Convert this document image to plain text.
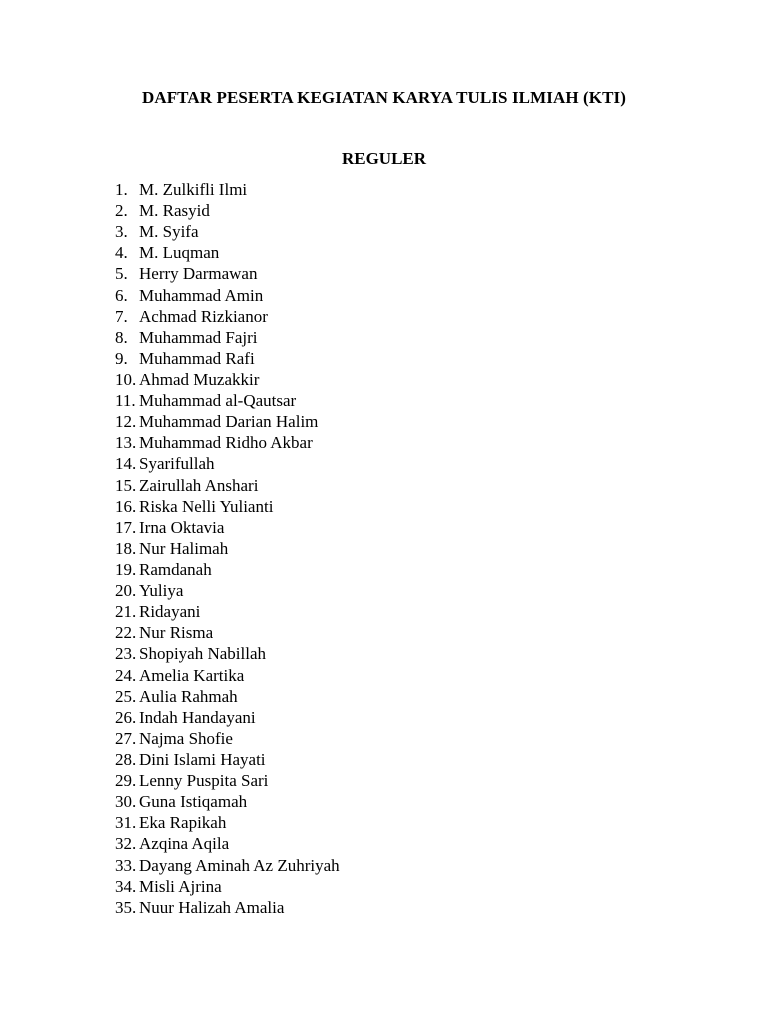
DAFTAR PESERTA KEGIATAN KARYA TULIS ILMIAH (KTI)
REGULER
1. M. Zulkifli Ilmi
2. M. Rasyid
3. M. Syifa
4. M. Luqman
5. Herry Darmawan
6. Muhammad Amin
7. Achmad Rizkianor
8. Muhammad Fajri
9. Muhammad Rafi
10. Ahmad Muzakkir
11. Muhammad al-Qautsar
12. Muhammad Darian Halim
13. Muhammad Ridho Akbar
14. Syarifullah
15. Zairullah Anshari
16. Riska Nelli Yulianti
17. Irna Oktavia
18. Nur Halimah
19. Ramdanah
20. Yuliya
21. Ridayani
22. Nur Risma
23. Shopiyah Nabillah
24. Amelia Kartika
25. Aulia Rahmah
26. Indah Handayani
27. Najma Shofie
28. Dini Islami Hayati
29. Lenny Puspita Sari
30. Guna Istiqamah
31. Eka Rapikah
32. Azqina Aqila
33. Dayang Aminah Az Zuhriyah
34. Misli Ajrina
35. Nuur Halizah Amalia
